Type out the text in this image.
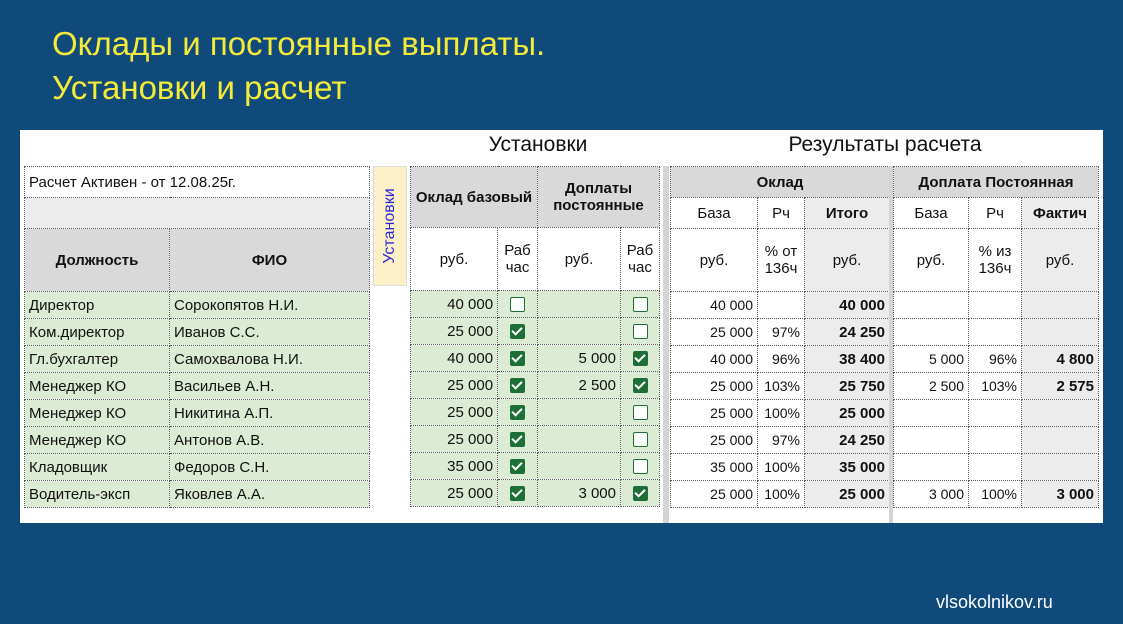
Оклады и постоянные выплаты.
Установки и расчет
Установки	Результаты расчета
Расчет Активен - от 12.08.25г.	

Должность	ФИО
Директор	Сорокопятов Н.И.
Ком.директор	Иванов С.С.
Гл.бухгалтер	Самохвалова Н.И.
Менеджер КО	Васильев А.Н.
Менеджер КО	Никитина А.П.
Менеджер КО	Антонов А.В.
Кладовщик	Федоров С.Н.
Водитель-эксп	Яковлев А.А.
Установки Оклад базовый		Доплаты постоянные	
руб.	Раб час	руб.	Раб час
40 000			
25 000			
40 000		5 000	
25 000		2 500	
25 000			
25 000			
35 000			
25 000		3 000	
Оклад		
База	Рч	Итого
руб.	% от 136ч	руб.
40 000		40 000
25 000	97%	24 250
40 000	96%	38 400
25 000	103%	25 750
25 000	100%	25 000
25 000	97%	24 250
35 000	100%	35 000
25 000	100%	25 000
Доплата Постоянная		
База	Рч	Фактич
руб.	% из 136ч	руб.

5 000	96%	4 800
2 500	103%	2 575

3 000	100%	3 000
vlsokolnikov.ru
